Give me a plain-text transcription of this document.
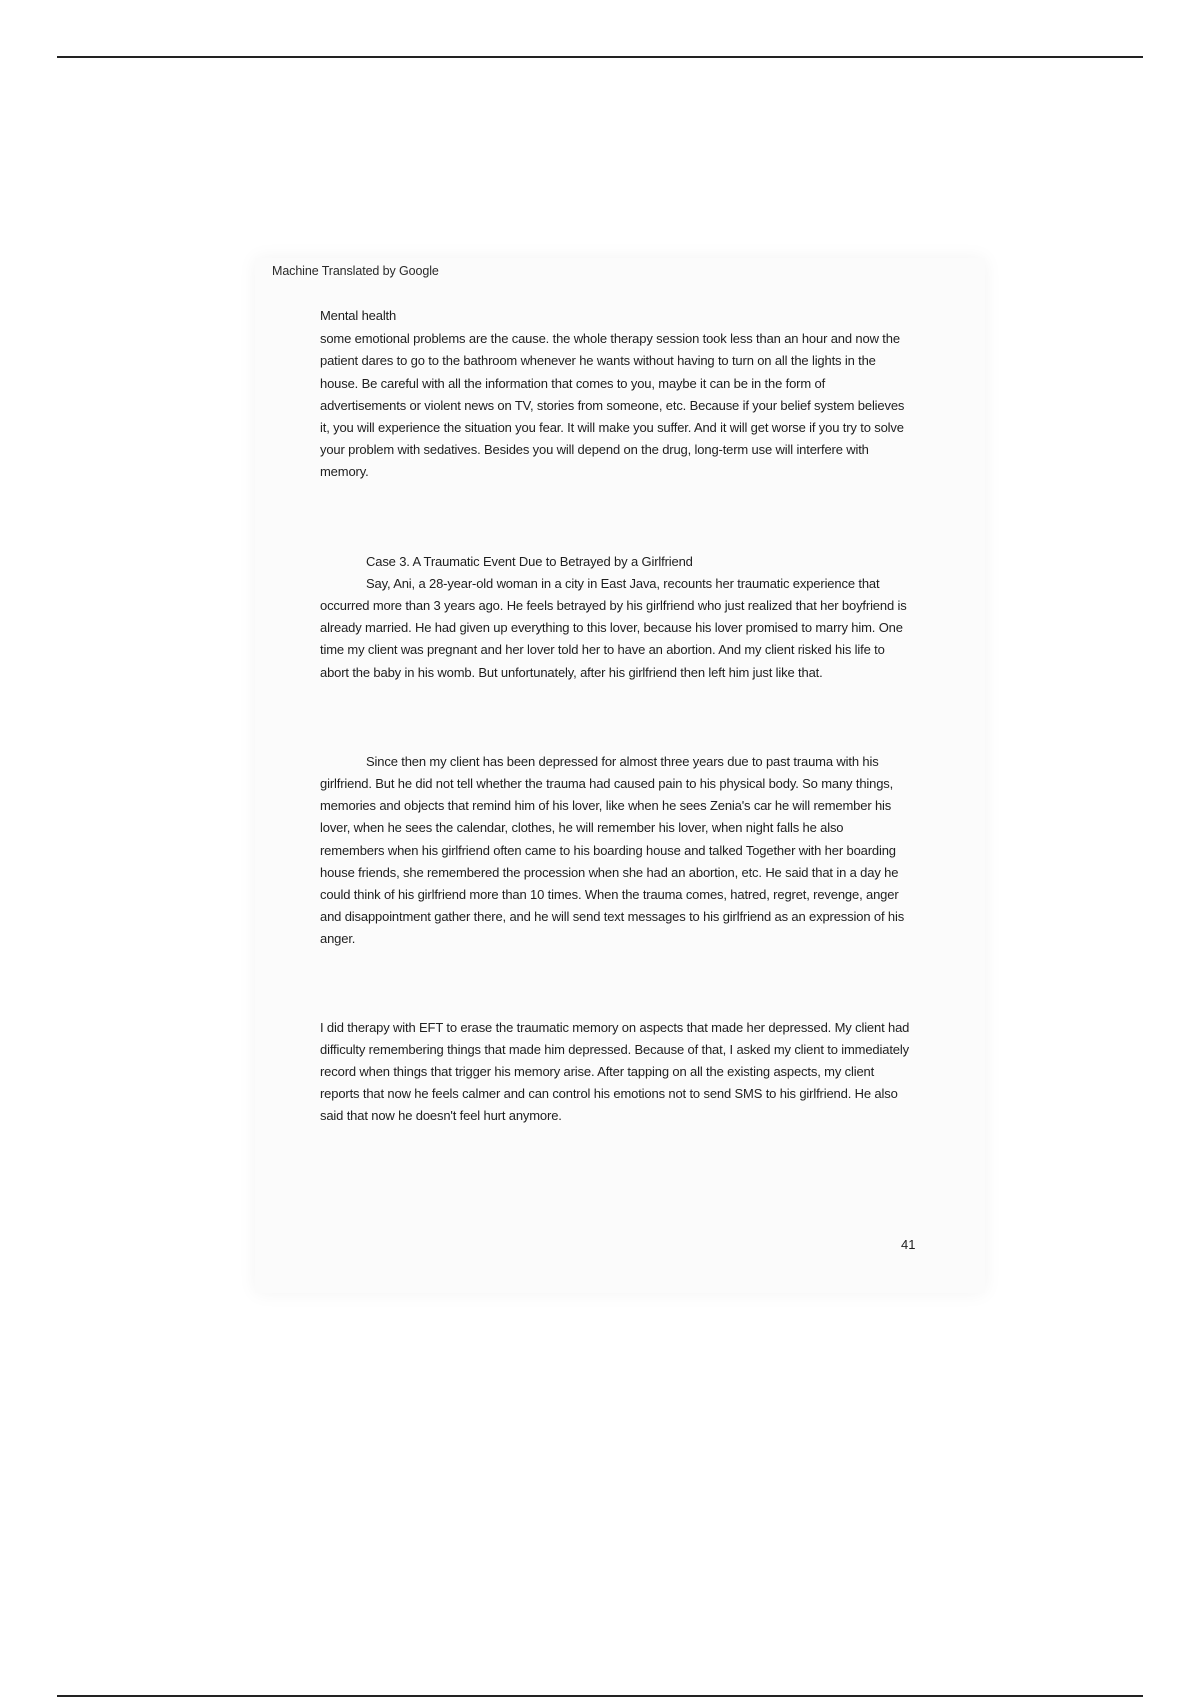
Machine Translated by Google

Mental health

some emotional problems are the cause. the whole therapy session took less than an hour and now the patient dares to go to the bathroom whenever he wants without having to turn on all the lights in the house. Be careful with all the information that comes to you, maybe it can be in the form of advertisements or violent news on TV, stories from someone, etc. Because if your belief system believes it, you will experience the situation you fear. It will make you suffer. And it will get worse if you try to solve your problem with sedatives. Besides you will depend on the drug, long-term use will interfere with memory.

Case 3. A Traumatic Event Due to Betrayed by a Girlfriend

Say, Ani, a 28-year-old woman in a city in East Java, recounts her traumatic experience that occurred more than 3 years ago. He feels betrayed by his girlfriend who just realized that her boyfriend is already married. He had given up everything to this lover, because his lover promised to marry him. One time my client was pregnant and her lover told her to have an abortion. And my client risked his life to abort the baby in his womb. But unfortunately, after his girlfriend then left him just like that.

Since then my client has been depressed for almost three years due to past trauma with his girlfriend. But he did not tell whether the trauma had caused pain to his physical body. So many things, memories and objects that remind him of his lover, like when he sees Zenia's car he will remember his lover, when he sees the calendar, clothes, he will remember his lover, when night falls he also remembers when his girlfriend often came to his boarding house and talked Together with her boarding house friends, she remembered the procession when she had an abortion, etc. He said that in a day he could think of his girlfriend more than 10 times. When the trauma comes, hatred, regret, revenge, anger and disappointment gather there, and he will send text messages to his girlfriend as an expression of his anger.

I did therapy with EFT to erase the traumatic memory on aspects that made her depressed. My client had difficulty remembering things that made him depressed. Because of that, I asked my client to immediately record when things that trigger his memory arise. After tapping on all the existing aspects, my client reports that now he feels calmer and can control his emotions not to send SMS to his girlfriend. He also said that now he doesn't feel hurt anymore.

41
